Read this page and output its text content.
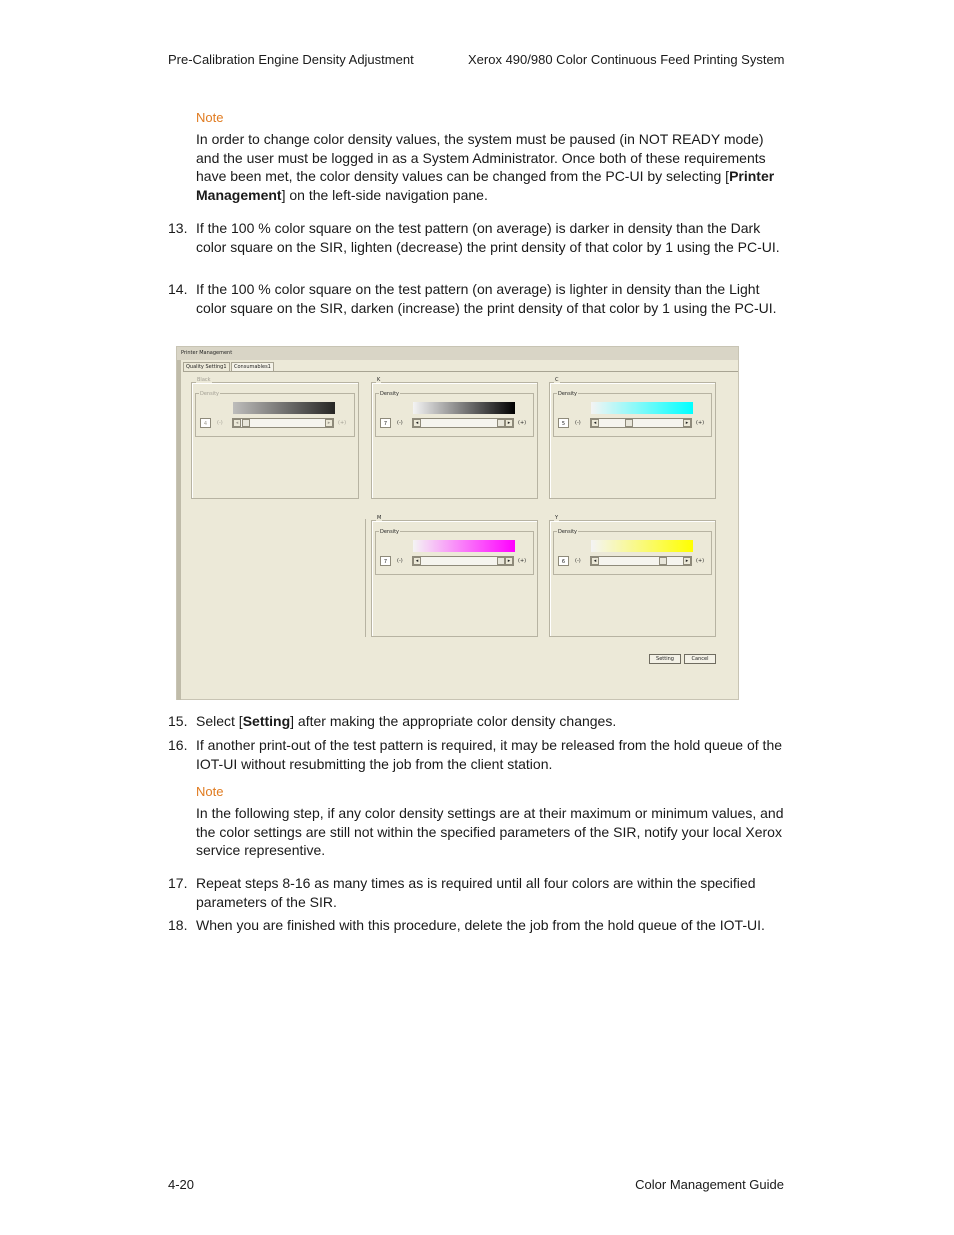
Pre-Calibration Engine Density Adjustment	Xerox 490/980 Color Continuous Feed Printing System
Note
In order to change color density values, the system must be paused (in NOT READY mode) and the user must be logged in as a System Administrator. Once both of these requirements have been met, the color density values can be changed from the PC-UI by selecting [Printer Management] on the left-side navigation pane.
13. If the 100 % color square on the test pattern (on average) is darker in density than the Dark color square on the SIR, lighten (decrease) the print density of that color by 1 using the PC-UI.
14. If the 100 % color square on the test pattern (on average) is lighter in density than the Light color square on the SIR, darken (increase) the print density of that color by 1 using the PC-UI.
Printer Management
Quality Setting1	Consumables1
Black
Density
4	(-)	◂	▸	(+)
K
Density
7	(-)	◂	▸	(+)
C
Density
5	(-)	◂	▸	(+)
M
Density
7	(-)	◂	▸	(+)
Y
Density
6	(-)	◂	▸	(+)
Setting	Cancel
15. Select [Setting] after making the appropriate color density changes.
16. If another print-out of the test pattern is required, it may be released from the hold queue of the IOT-UI without resubmitting the job from the client station.
Note
In the following step, if any color density settings are at their maximum or minimum values, and the color settings are still not within the specified parameters of the SIR, notify your local Xerox service representive.
17. Repeat steps 8-16 as many times as is required until all four colors are within the specified parameters of the SIR.
18. When you are finished with this procedure, delete the job from the hold queue of the IOT-UI.
4-20	Color Management Guide
